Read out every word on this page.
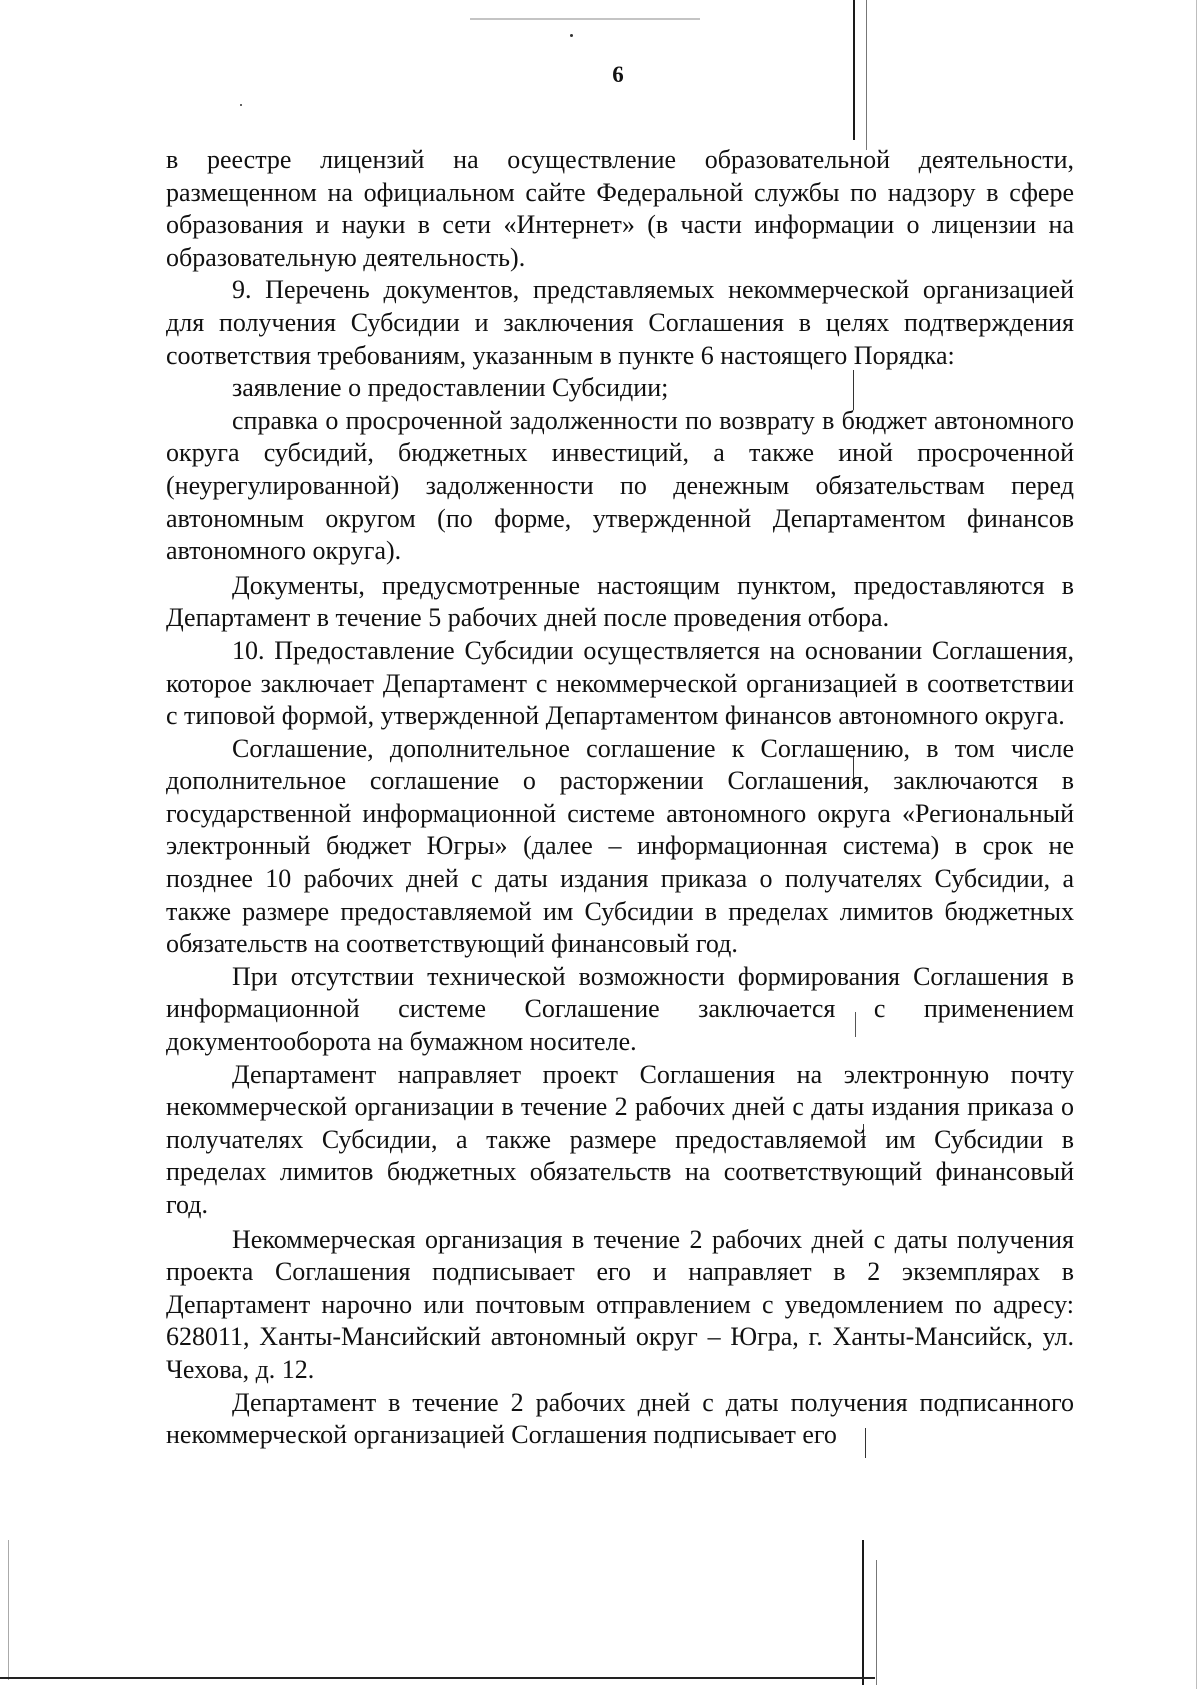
6

в реестре лицензий на осуществление образовательной деятельности, размещенном на официальном сайте Федеральной службы по надзору в сфере образования и науки в сети «Интернет» (в части информации о лицензии на образовательную деятельность).

9. Перечень документов, представляемых некоммерческой организацией для получения Субсидии и заключения Соглашения в целях подтверждения соответствия требованиям, указанным в пункте 6 настоящего Порядка:

заявление о предоставлении Субсидии;

справка о просроченной задолженности по возврату в бюджет автономного округа субсидий, бюджетных инвестиций, а также иной просроченной (неурегулированной) задолженности по денежным обязательствам перед автономным округом (по форме, утвержденной Департаментом финансов автономного округа).

Документы, предусмотренные настоящим пунктом, предоставляются в Департамент в течение 5 рабочих дней после проведения отбора.

10. Предоставление Субсидии осуществляется на основании Соглашения, которое заключает Департамент с некоммерческой организацией в соответствии с типовой формой, утвержденной Департаментом финансов автономного округа.

Соглашение, дополнительное соглашение к Соглашению, в том числе дополнительное соглашение о расторжении Соглашения, заключаются в государственной информационной системе автономного округа «Региональный электронный бюджет Югры» (далее – информационная система) в срок не позднее 10 рабочих дней с даты издания приказа о получателях Субсидии, а также размере предоставляемой им Субсидии в пределах лимитов бюджетных обязательств на соответствующий финансовый год.

При отсутствии технической возможности формирования Соглашения в информационной системе Соглашение заключается с применением документооборота на бумажном носителе.

Департамент направляет проект Соглашения на электронную почту некоммерческой организации в течение 2 рабочих дней с даты издания приказа о получателях Субсидии, а также размере предоставляемой им Субсидии в пределах лимитов бюджетных обязательств на соответствующий финансовый год.

Некоммерческая организация в течение 2 рабочих дней с даты получения проекта Соглашения подписывает его и направляет в 2 экземплярах в Департамент нарочно или почтовым отправлением с уведомлением по адресу: 628011, Ханты-Мансийский автономный округ – Югра, г. Ханты-Мансийск, ул. Чехова, д. 12.

Департамент в течение 2 рабочих дней с даты получения подписанного некоммерческой организацией Соглашения подписывает его
